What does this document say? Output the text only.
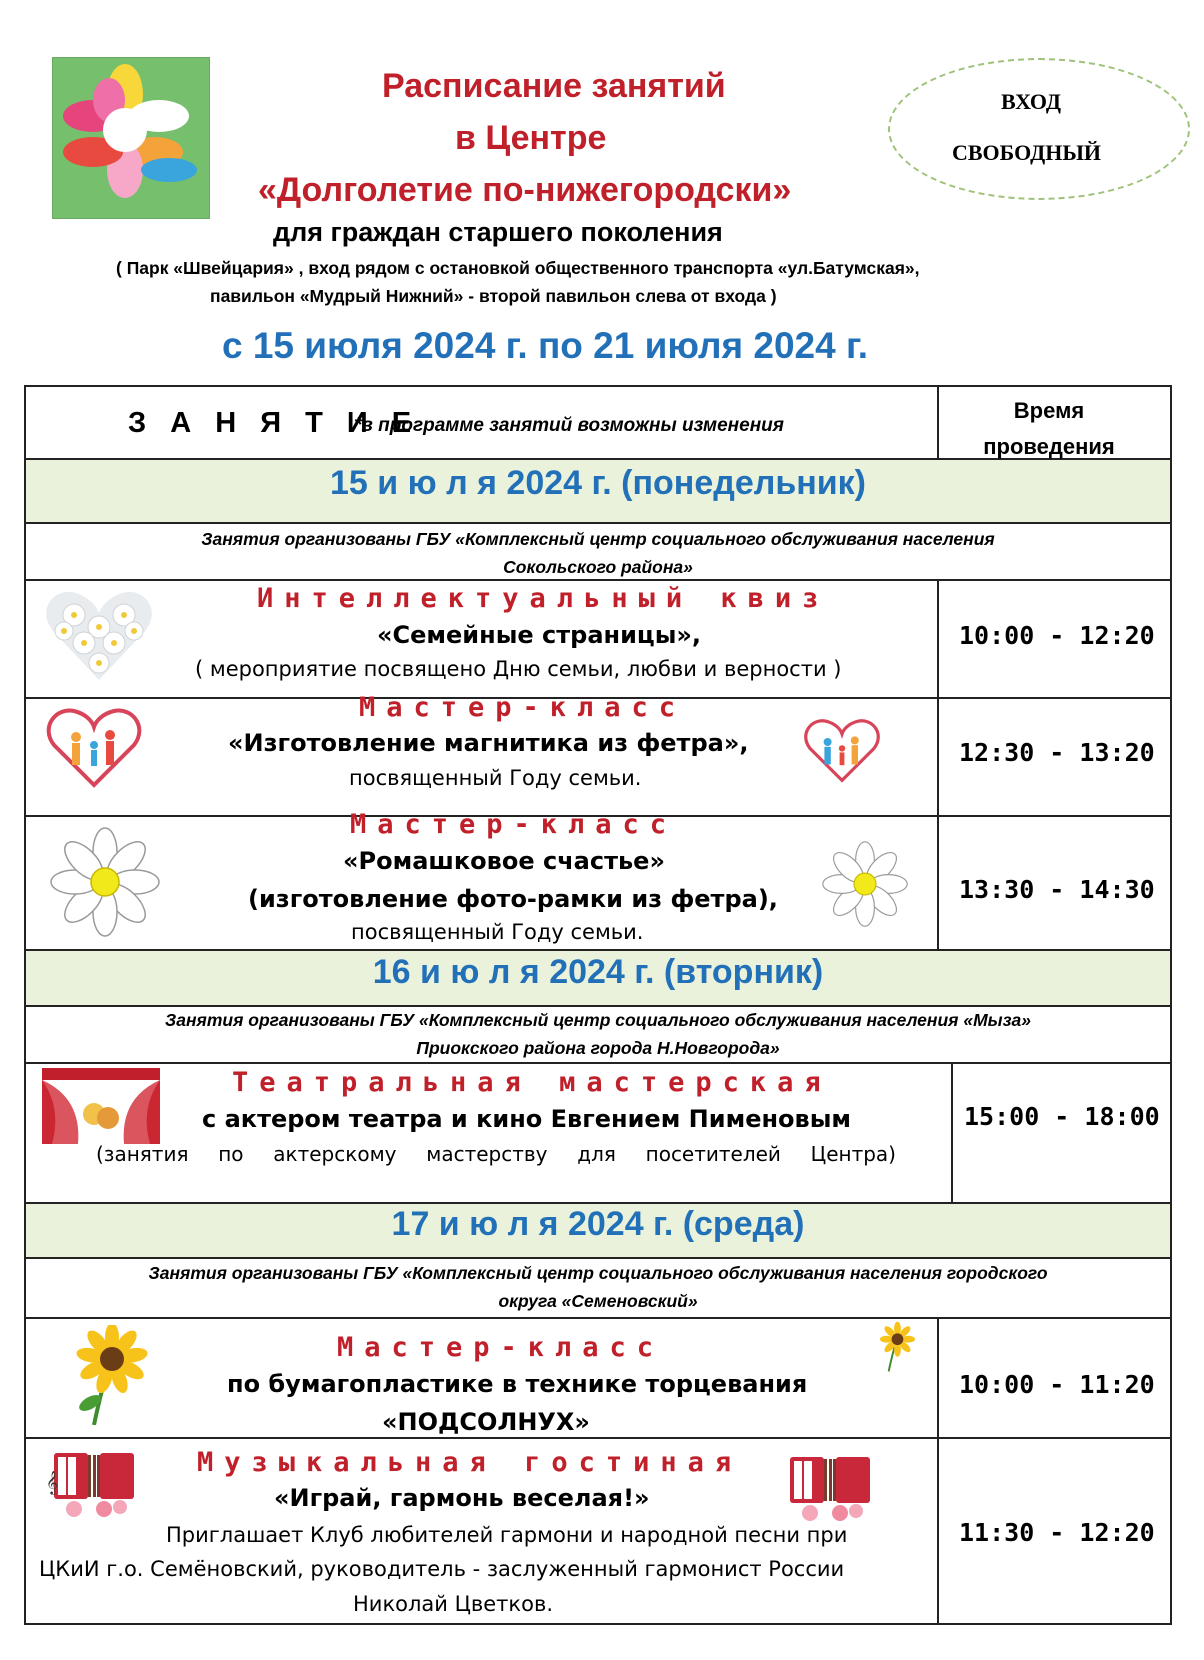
Расписание занятий
в Центре
«Долголетие по-нижегородски»
ВХОД
СВОБОДНЫЙ
для граждан старшего поколения
( Парк «Швейцария» , вход рядом с остановкой общественного транспорта «ул.Батумская»,
павильон «Мудрый Нижний» - второй павильон слева от входа )
с 15 июля 2024 г. по 21 июля 2024 г.
З А Н Я Т И Е
*в программе занятий возможны изменения
Время
проведения
15 и ю л я 2024 г. (понедельник)
Занятия организованы ГБУ «Комплексный центр социального обслуживания населения
Сокольского района»
Интеллектуальный квиз
«Семейные страницы»,
( мероприятие посвящено Дню семьи, любви и верности )
10:00 - 12:20
Мастер-класс
«Изготовление магнитика из фетра»,
посвященный Году семьи.
12:30 - 13:20
Мастер-класс
«Ромашковое счастье»
(изготовление фото-рамки из фетра),
посвященный Году семьи.
13:30 - 14:30
16 и ю л я 2024 г. (вторник)
Занятия организованы ГБУ «Комплексный центр социального обслуживания населения «Мыза»
Приокского района города Н.Новгорода»
Театральная мастерская
с актером театра и кино Евгением Пименовым
(занятия по актерскому мастерству для посетителей Центра)
15:00 - 18:00
17 и ю л я 2024 г. (среда)
Занятия организованы ГБУ «Комплексный центр социального обслуживания населения городского
округа «Семеновский»
Мастер-класс
по бумагопластике в технике торцевания
«ПОДСОЛНУХ»
10:00 - 11:20
𝄞
Музыкальная гостиная
«Играй, гармонь веселая!»
Приглашает Клуб любителей гармони и народной песни при
ЦКиИ г.о. Семёновский, руководитель - заслуженный гармонист России
Николай Цветков.
11:30 - 12:20
